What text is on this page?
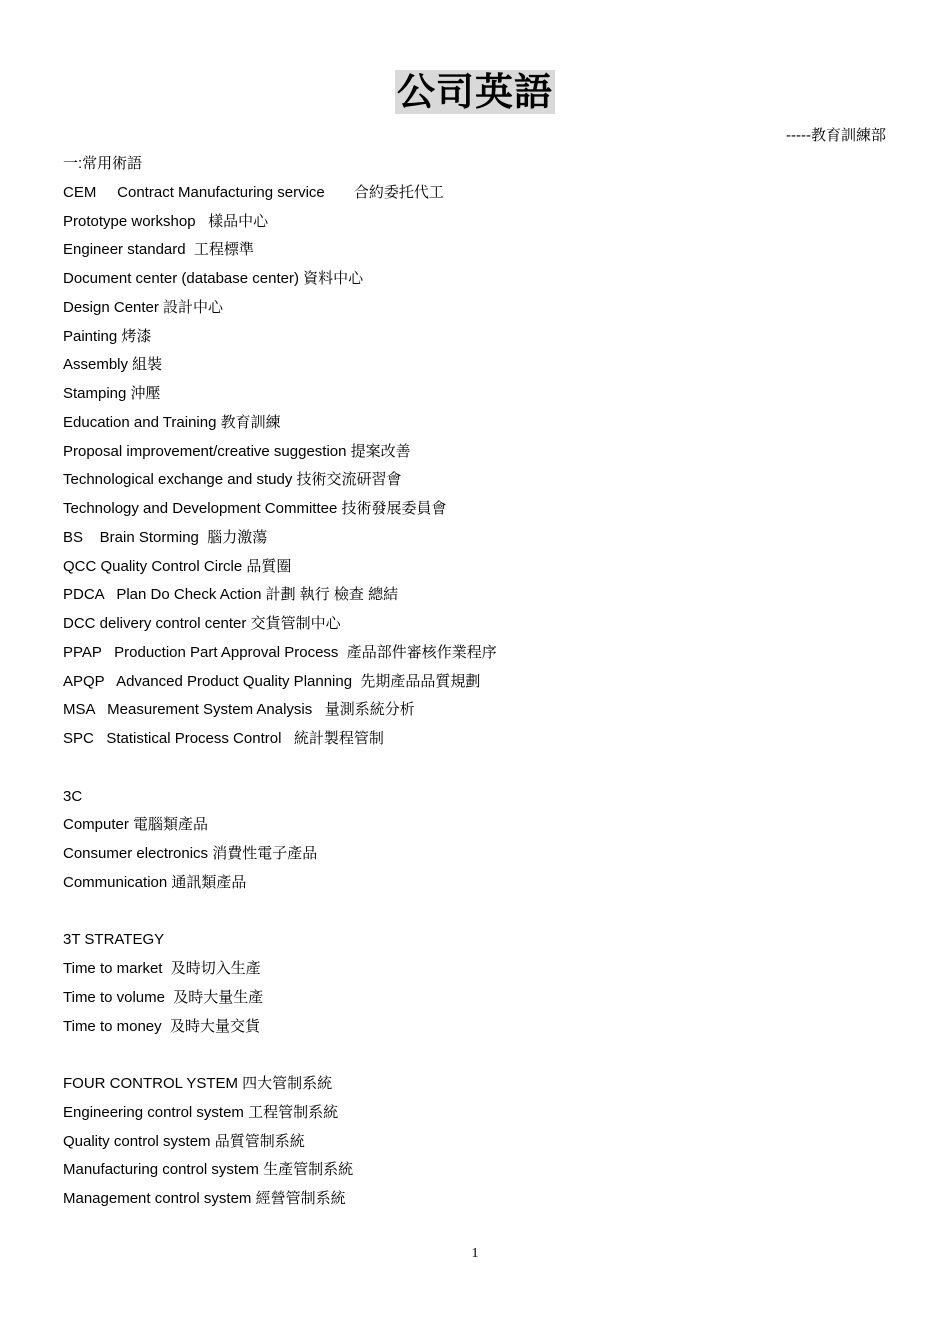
公司英語
-----教育訓練部
一:常用術語
CEM     Contract Manufacturing service       合約委托代工
Prototype workshop   樣品中心
Engineer standard  工程標準
Document center (database center) 資料中心
Design Center 設計中心
Painting 烤漆
Assembly 組裝
Stamping 沖壓
Education and Training 教育訓練
Proposal improvement/creative suggestion 提案改善
Technological exchange and study 技術交流研習會
Technology and Development Committee 技術發展委員會
BS    Brain Storming  腦力激蕩
QCC Quality Control Circle 品質圈
PDCA   Plan Do Check Action 計劃 執行 檢查 總結
DCC delivery control center 交貨管制中心
PPAP   Production Part Approval Process  產品部件審核作業程序
APQP   Advanced Product Quality Planning  先期產品品質規劃
MSA   Measurement System Analysis   量測系統分析
SPC   Statistical Process Control   統計製程管制
3C
Computer 電腦類產品
Consumer electronics 消費性電子產品
Communication 通訊類產品
3T STRATEGY
Time to market  及時切入生產
Time to volume  及時大量生產
Time to money  及時大量交貨
FOUR CONTROL YSTEM 四大管制系統
Engineering control system 工程管制系統
Quality control system 品質管制系統
Manufacturing control system 生產管制系統
Management control system 經營管制系統
1
